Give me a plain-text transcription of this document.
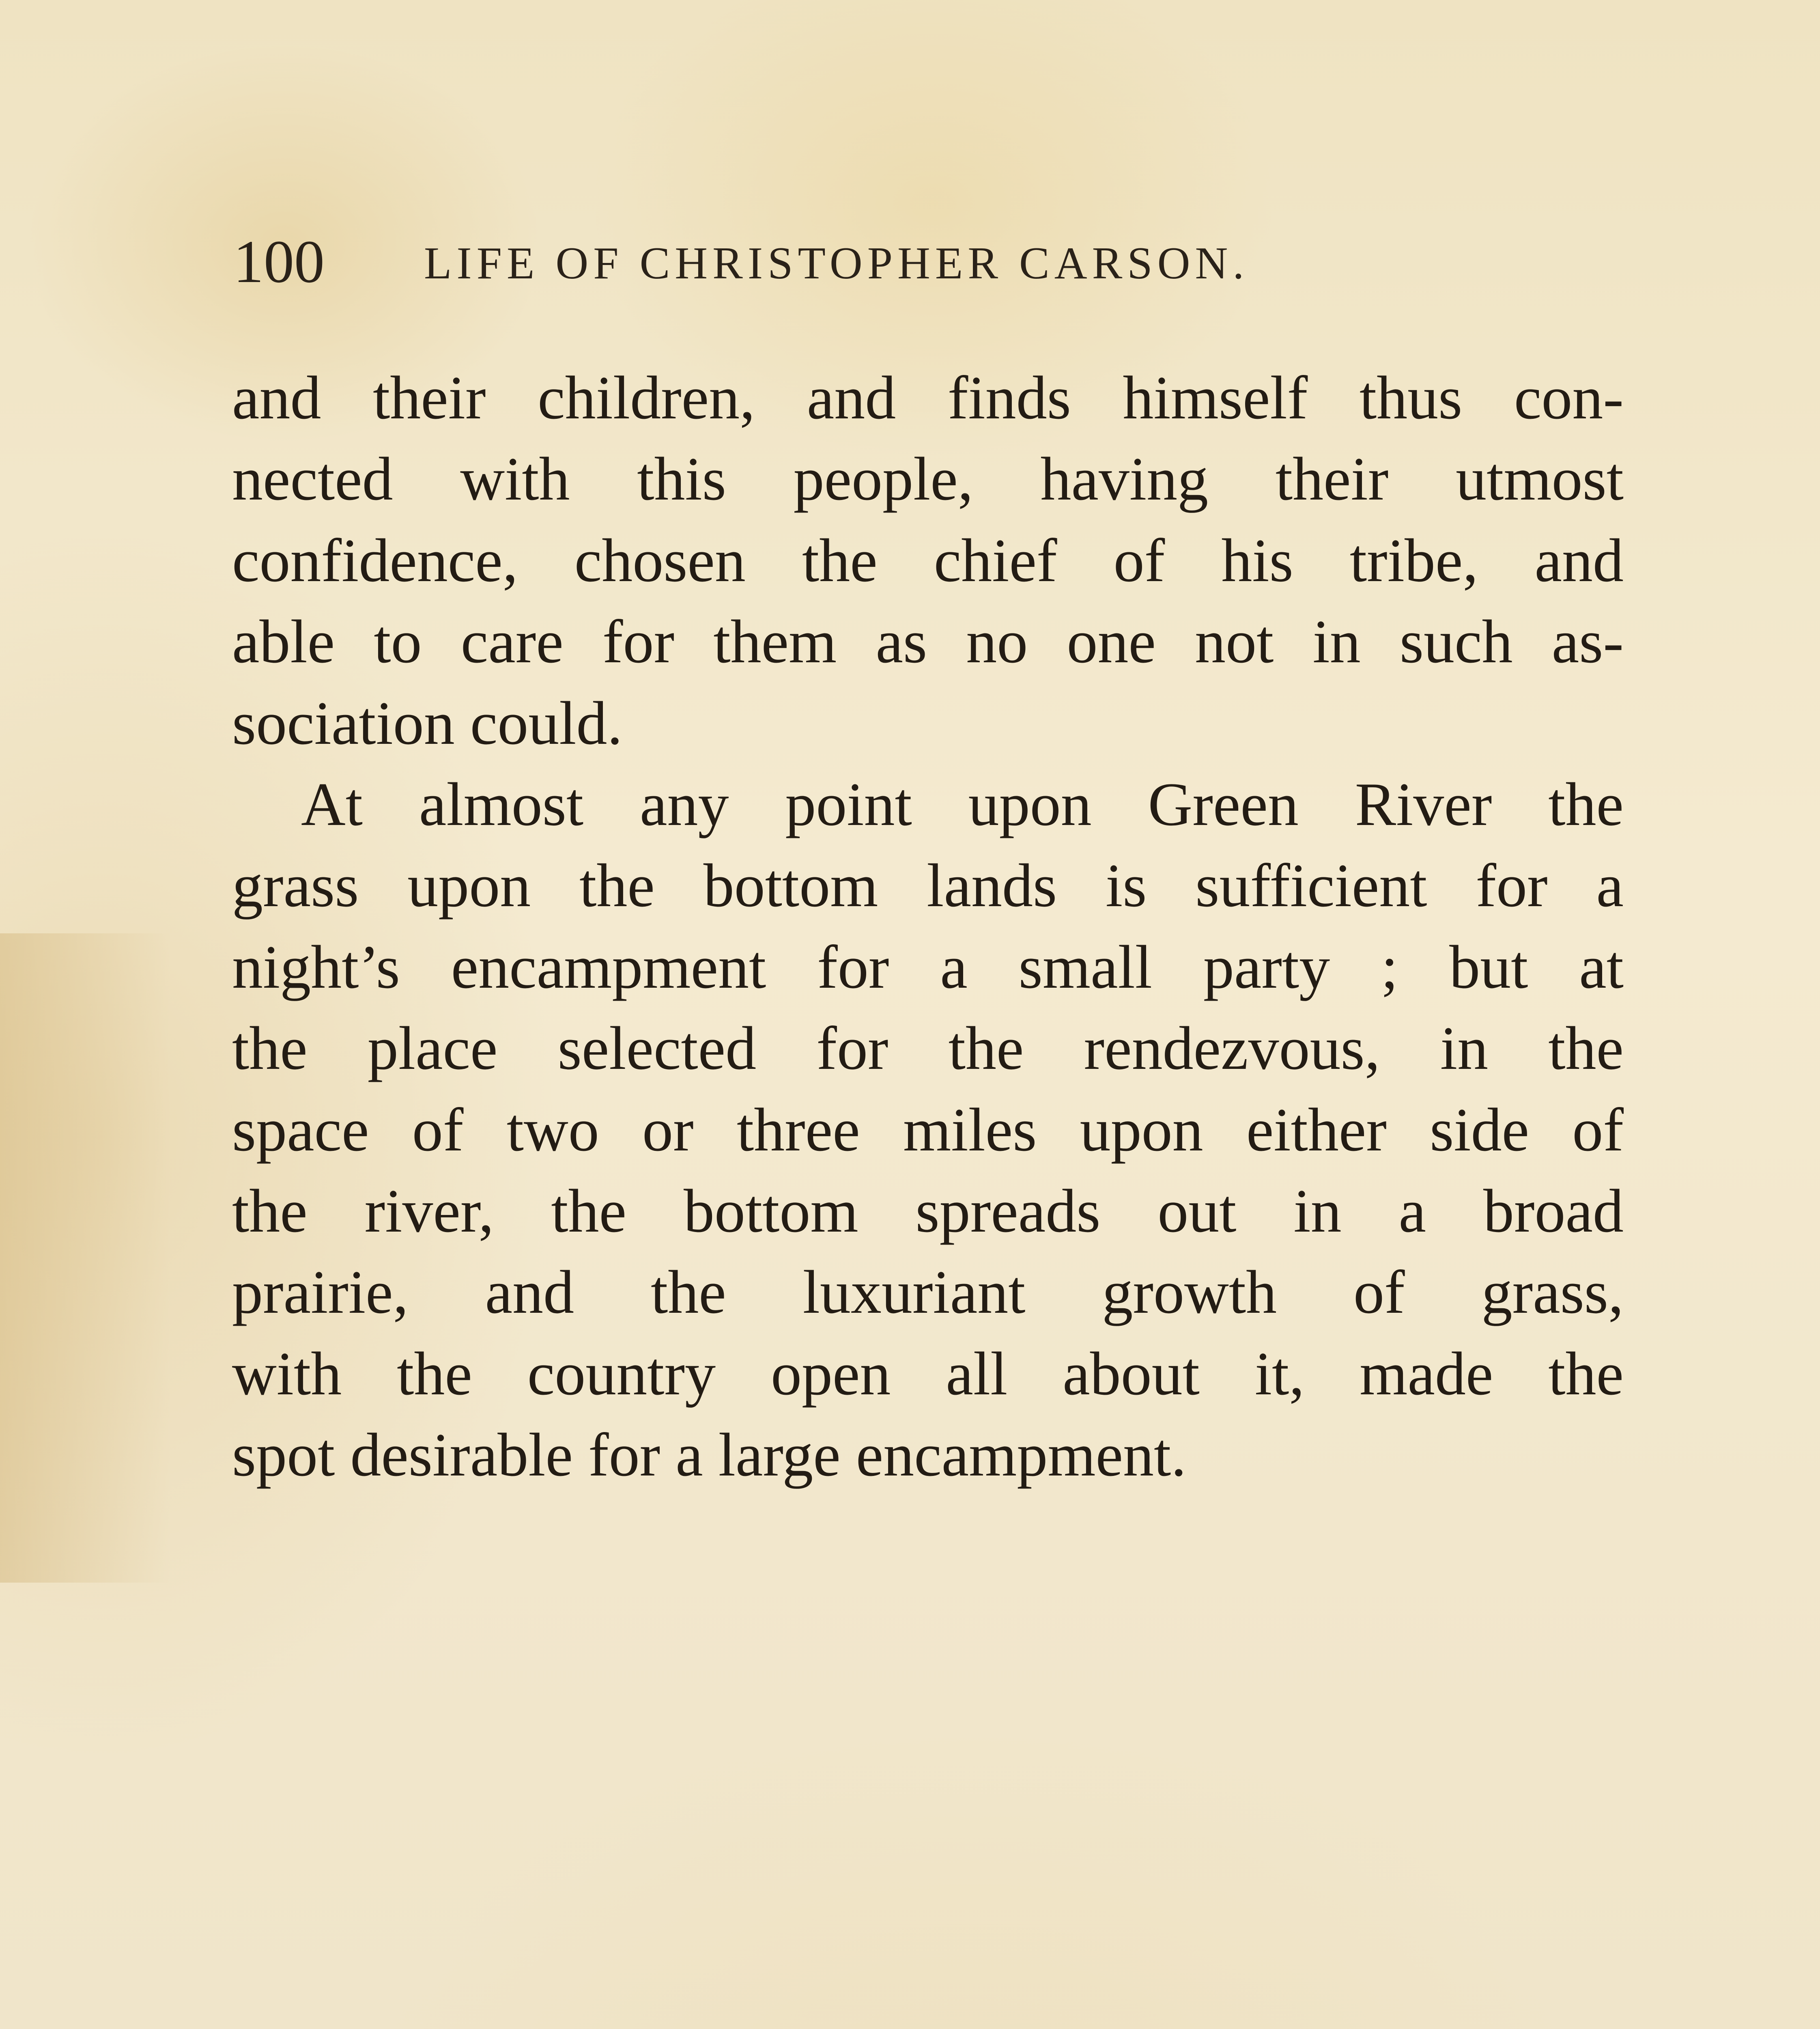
100 LIFE OF CHRISTOPHER CARSON.
and their children, and finds himself thus con-
nected with this people, having their utmost
confidence, chosen the chief of his tribe, and
able to care for them as no one not in such as-
sociation could.
At almost any point upon Green River the
grass upon the bottom lands is sufficient for a
night’s encampment for a small party ; but at
the place selected for the rendezvous, in the
space of two or three miles upon either side of
the river, the bottom spreads out in a broad
prairie, and the luxuriant growth of grass,
with the country open all about it, made the
spot desirable for a large encampment.
